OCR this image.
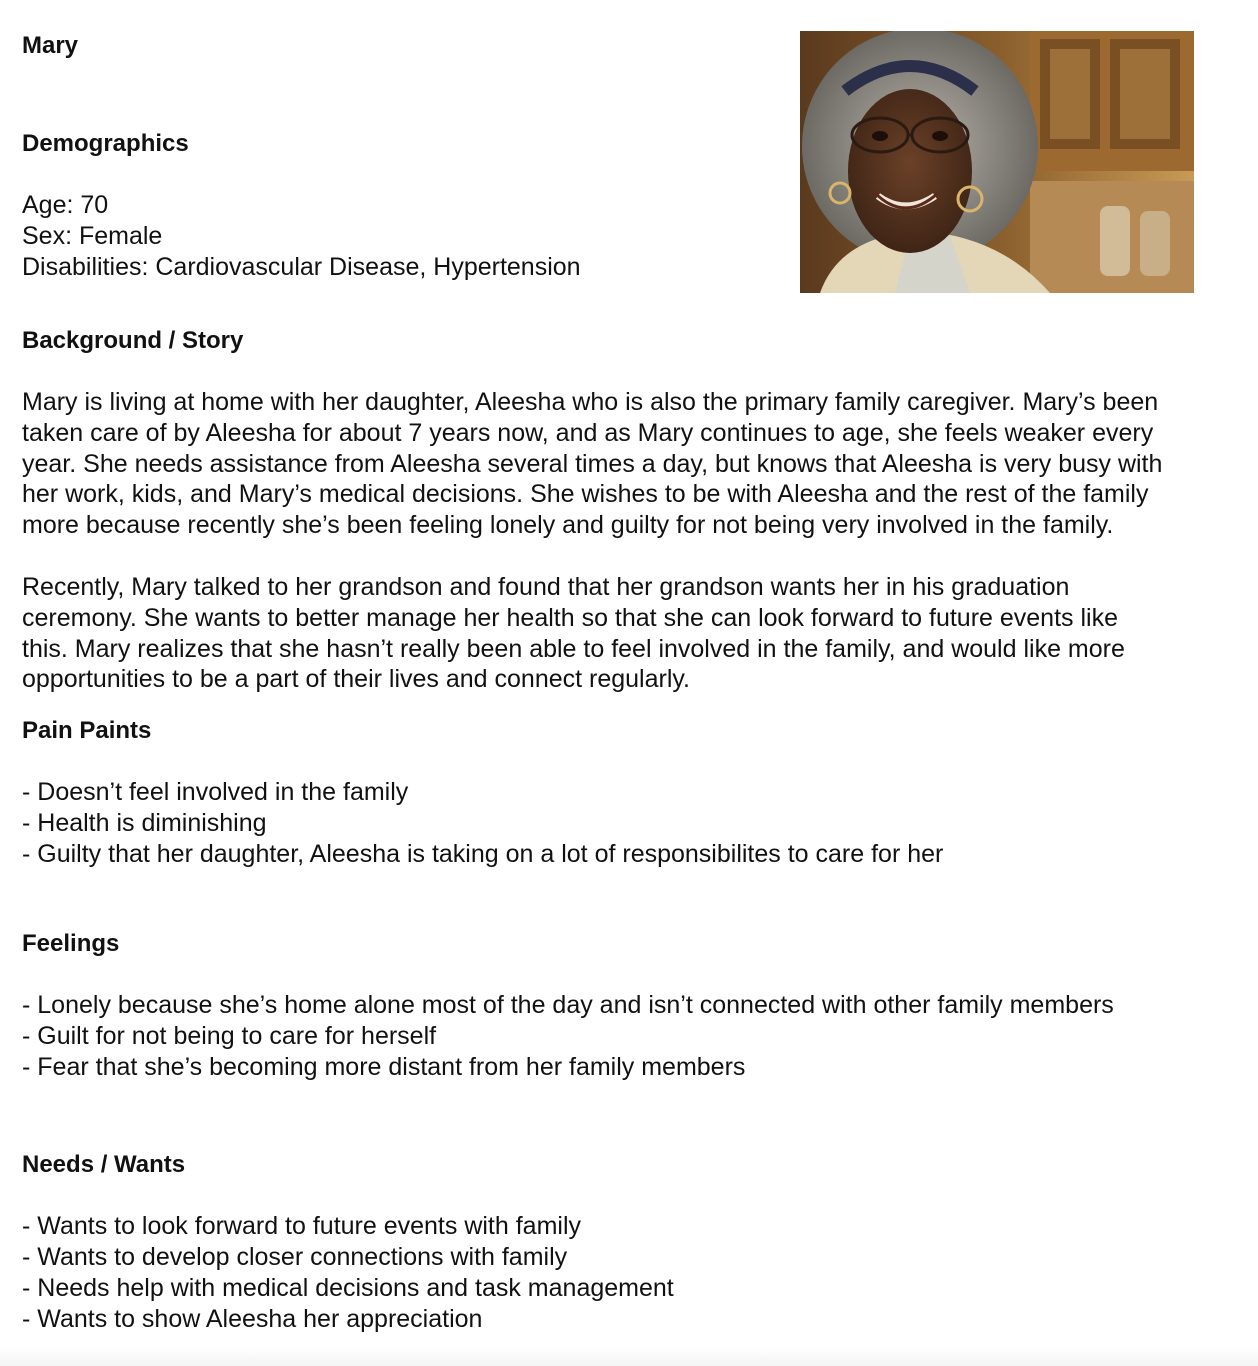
Mary
Demographics
Age: 70
Sex: Female
Disabilities: Cardiovascular Disease, Hypertension
Background / Story
Mary is living at home with her daughter, Aleesha who is also the primary family caregiver. Mary’s been
taken care of by Aleesha for about 7 years now, and as Mary continues to age, she feels weaker every
year. She needs assistance from Aleesha several times a day, but knows that Aleesha is very busy with
her work, kids, and Mary’s medical decisions. She wishes to be with Aleesha and the rest of the family
more because recently she’s been feeling lonely and guilty for not being very involved in the family.
Recently, Mary talked to her grandson and found that her grandson wants her in his graduation
ceremony. She wants to better manage her health so that she can look forward to future events like
this. Mary realizes that she hasn’t really been able to feel involved in the family, and would like more
opportunities to be a part of their lives and connect regularly.
Pain Paints
- Doesn’t feel involved in the family
- Health is diminishing
- Guilty that her daughter, Aleesha is taking on a lot of responsibilites to care for her
Feelings
- Lonely because she’s home alone most of the day and isn’t connected with other family members
- Guilt for not being to care for herself
- Fear that she’s becoming more distant from her family members
Needs / Wants
- Wants to look forward to future events with family
- Wants to develop closer connections with family
- Needs help with medical decisions and task management
- Wants to show Aleesha her appreciation
